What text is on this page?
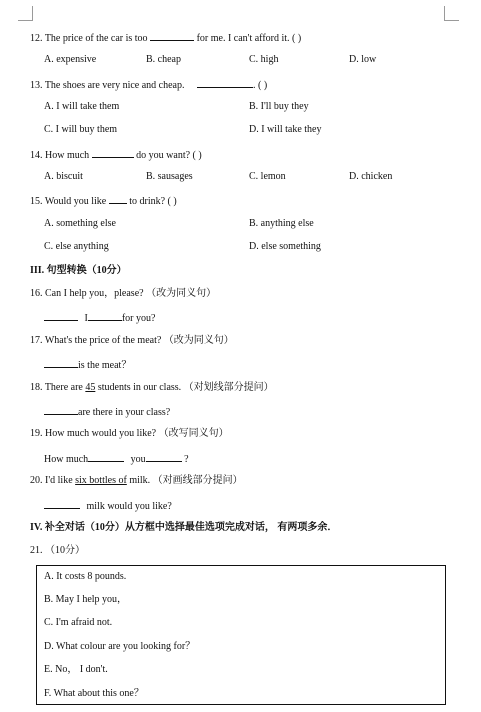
12. The price of the car is too	for me. I can't afford it. ( )
A. expensive	B. cheap	C. high	D. low
13. The shoes are very nice and cheap.	. ( )
A. I will take them	B. I'll buy they
C. I will buy them	D. I will take they
14. How much	do you want? ( )
A. biscuit	B. sausages	C. lemon	D. chicken
15. Would you like to drink? ( )
A. something else	B. anything else
C. else anything	D. else something
III. 句型转换（10分）
16. Can I help you，please? （改为同义句）
I	for you?
17. What's the price of the meat? （改为同义句）
is the meat？
18. There are 45 students in our class. （对划线部分提问）
are there in your class?
19. How much would you like? （改写同义句）
How much	you	?
20. I'd like six bottles of milk. （对画线部分提问）
milk would you like?
IV. 补全对话（10分）从方框中选择最佳选项完成对话， 有两项多余．
21. （10分）
A. It costs 8 pounds.
B. May I help you，
C. I'm afraid not.
D. What colour are you looking for？
E. No， I don't.
F. What about this one？
